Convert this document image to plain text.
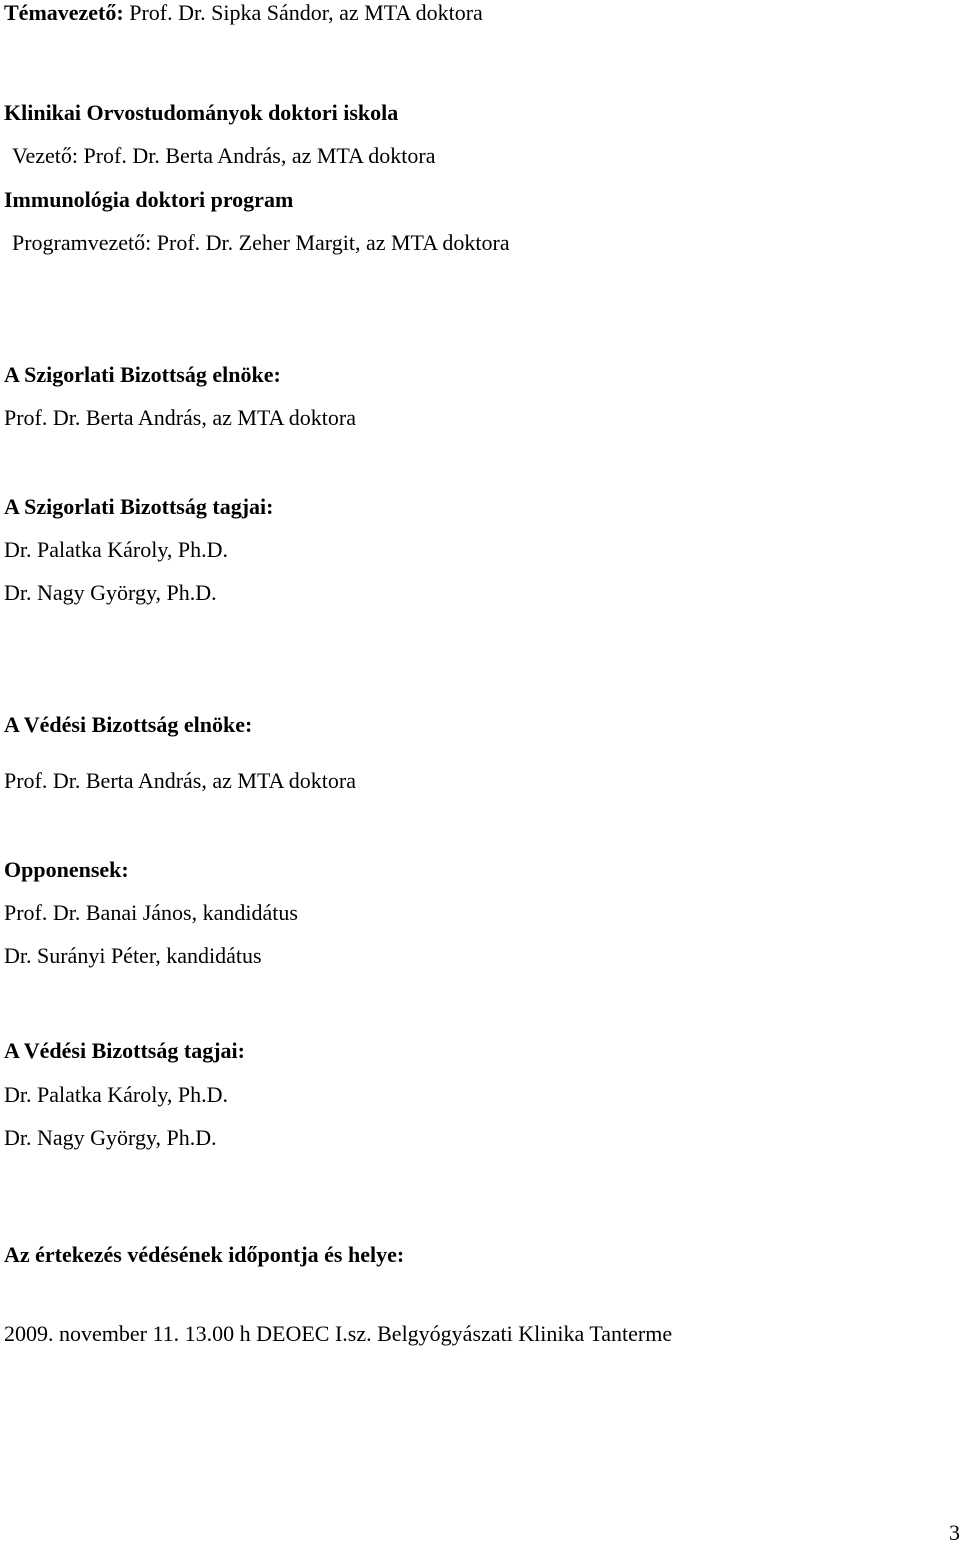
Témavezető: Prof. Dr. Sipka Sándor, az MTA doktora
Klinikai Orvostudományok doktori iskola
Vezető: Prof. Dr. Berta András, az MTA doktora
Immunológia doktori program
Programvezető: Prof. Dr. Zeher Margit, az MTA doktora
A Szigorlati Bizottság elnöke:
Prof. Dr. Berta András, az MTA doktora
A Szigorlati Bizottság tagjai:
Dr. Palatka Károly, Ph.D.
Dr. Nagy György, Ph.D.
A Védési Bizottság elnöke:
Prof. Dr. Berta András, az MTA doktora
Opponensek:
Prof. Dr. Banai János, kandidátus
Dr. Surányi Péter, kandidátus
A Védési Bizottság tagjai:
Dr. Palatka Károly, Ph.D.
Dr. Nagy György, Ph.D.
Az értekezés védésének időpontja és helye:
2009. november 11. 13.00 h DEOEC I.sz. Belgyógyászati Klinika Tanterme
3
